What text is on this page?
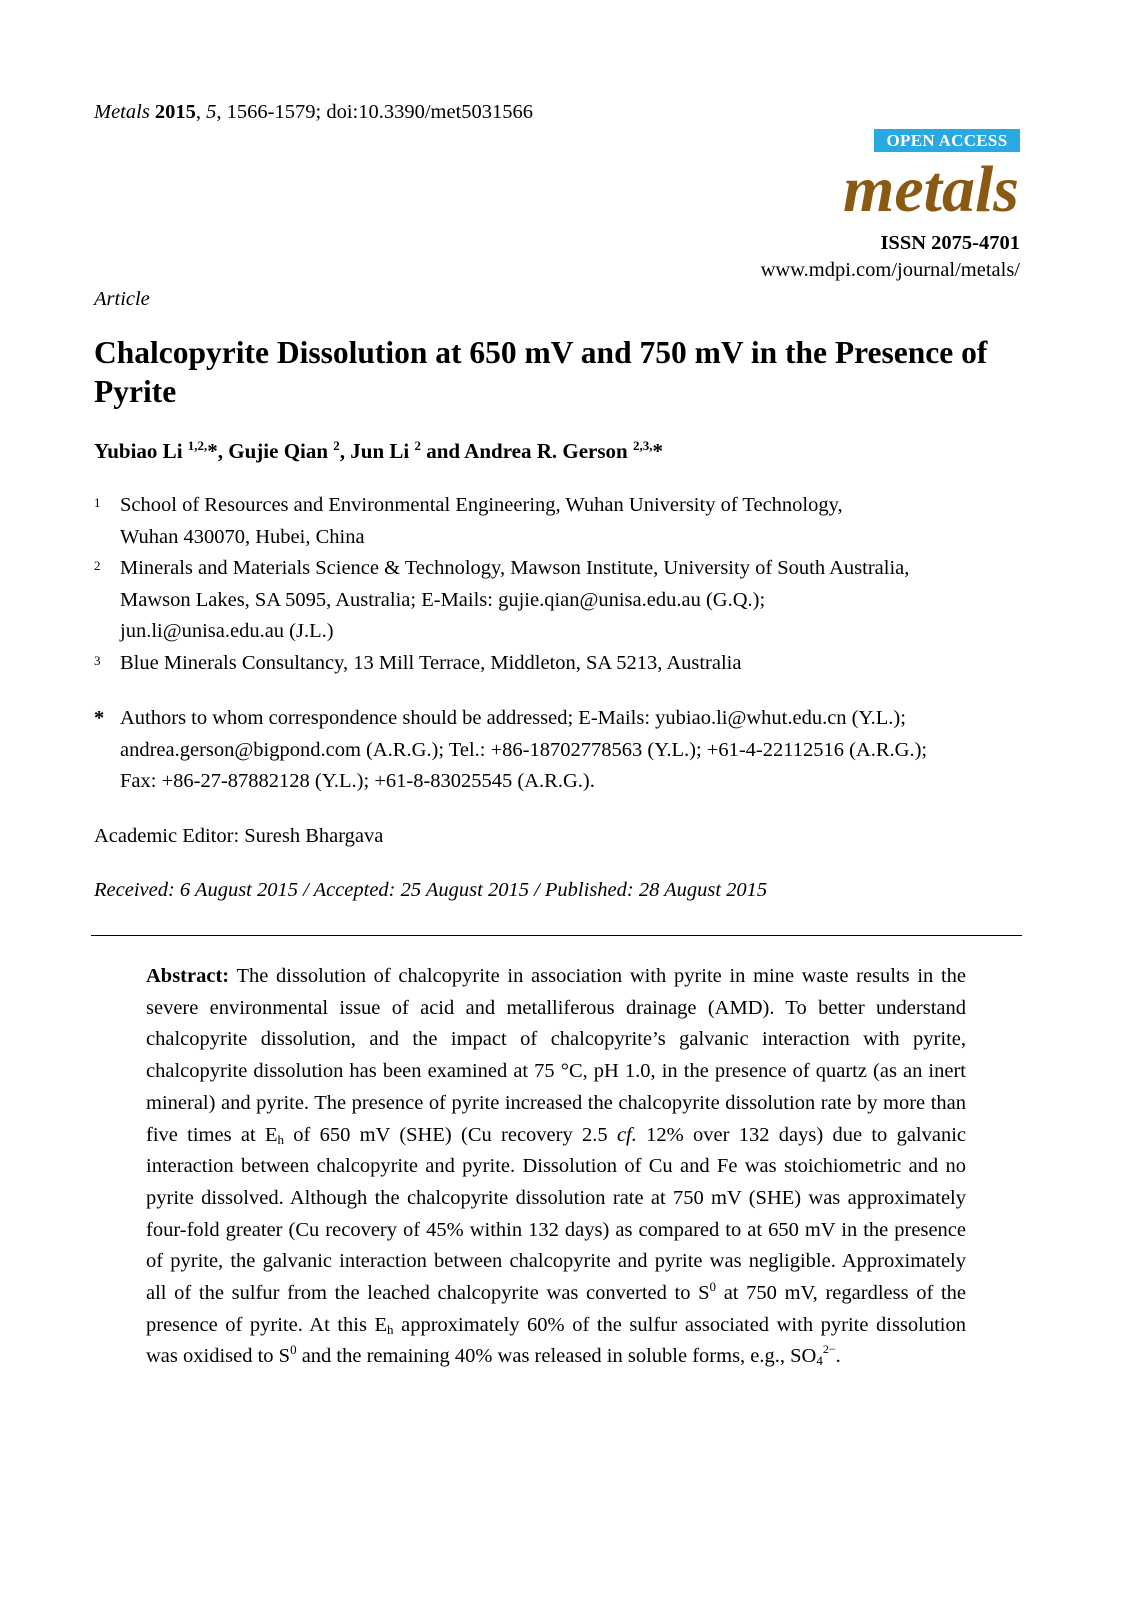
Metals 2015, 5, 1566-1579; doi:10.3390/met5031566
OPEN ACCESS
metals
ISSN 2075-4701
www.mdpi.com/journal/metals/
Article
Chalcopyrite Dissolution at 650 mV and 750 mV in the Presence of Pyrite
Yubiao Li $^{1,2,}$*, Gujie Qian $^2$, Jun Li $^2$ and Andrea R. Gerson $^{2,3,}$*
1 School of Resources and Environmental Engineering, Wuhan University of Technology,
Wuhan 430070, Hubei, China
2 Minerals and Materials Science & Technology, Mawson Institute, University of South Australia,
Mawson Lakes, SA 5095, Australia; E-Mails: gujie.qian@unisa.edu.au (G.Q.);
jun.li@unisa.edu.au (J.L.)
3 Blue Minerals Consultancy, 13 Mill Terrace, Middleton, SA 5213, Australia
* Authors to whom correspondence should be addressed; E-Mails: yubiao.li@whut.edu.cn (Y.L.);
andrea.gerson@bigpond.com (A.R.G.); Tel.: +86-18702778563 (Y.L.); +61-4-22112516 (A.R.G.);
Fax: +86-27-87882128 (Y.L.); +61-8-83025545 (A.R.G.).
Academic Editor: Suresh Bhargava
Received: 6 August 2015 / Accepted: 25 August 2015 / Published: 28 August 2015

Abstract: The dissolution of chalcopyrite in association with pyrite in mine waste results in the severe environmental issue of acid and metalliferous drainage (AMD). To better understand chalcopyrite dissolution, and the impact of chalcopyrite’s galvanic interaction with pyrite, chalcopyrite dissolution has been examined at 75 °C, pH 1.0, in the presence of quartz (as an inert mineral) and pyrite. The presence of pyrite increased the chalcopyrite dissolution rate by more than five times at $E_h$ of 650 mV (SHE) (Cu recovery 2.5 cf. 12% over 132 days) due to galvanic interaction between chalcopyrite and pyrite. Dissolution of Cu and Fe was stoichiometric and no pyrite dissolved. Although the chalcopyrite dissolution rate at 750 mV (SHE) was approximately four-fold greater (Cu recovery of 45% within 132 days) as compared to at 650 mV in the presence of pyrite, the galvanic interaction between chalcopyrite and pyrite was negligible. Approximately all of the sulfur from the leached chalcopyrite was converted to $S^0$ at 750 mV, regardless of the presence of pyrite. At this $E_h$ approximately 60% of the sulfur associated with pyrite dissolution was oxidised to $S^0$ and the remaining 40% was released in soluble forms, e.g., $SO_4^{2-}$.
